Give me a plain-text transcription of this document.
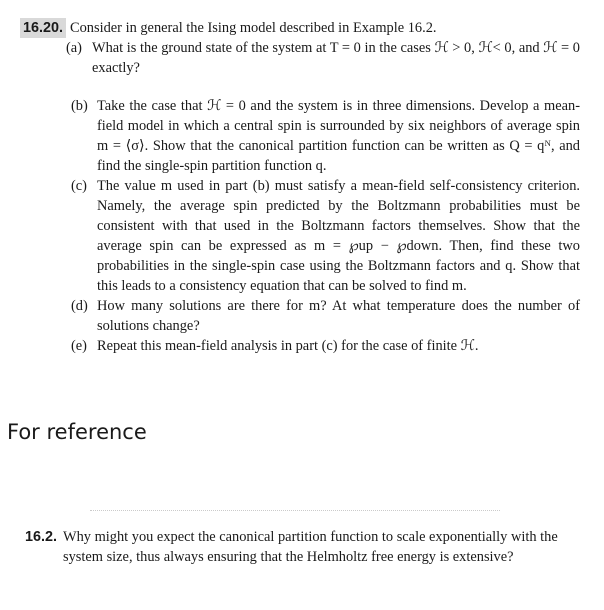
16.20. Consider in general the Ising model described in Example 16.2.
(a) What is the ground state of the system at T = 0 in the cases ℋ > 0, ℋ< 0, and ℋ = 0 exactly?
(b) Take the case that ℋ = 0 and the system is in three dimensions. Develop a mean-field model in which a central spin is surrounded by six neighbors of average spin m = ⟨σ⟩. Show that the canonical partition function can be written as Q = qᴺ, and find the single-spin partition function q.
(c) The value m used in part (b) must satisfy a mean-field self-consistency criterion. Namely, the average spin predicted by the Boltzmann probabilities must be consistent with that used in the Boltzmann factors themselves. Show that the average spin can be expressed as m = ℘up − ℘down. Then, find these two probabilities in the single-spin case using the Boltzmann factors and q. Show that this leads to a consistency equation that can be solved to find m.
(d) How many solutions are there for m? At what temperature does the number of solutions change?
(e) Repeat this mean-field analysis in part (c) for the case of finite ℋ.
For reference
16.2. Why might you expect the canonical partition function to scale exponentially with the system size, thus always ensuring that the Helmholtz free energy is extensive?
